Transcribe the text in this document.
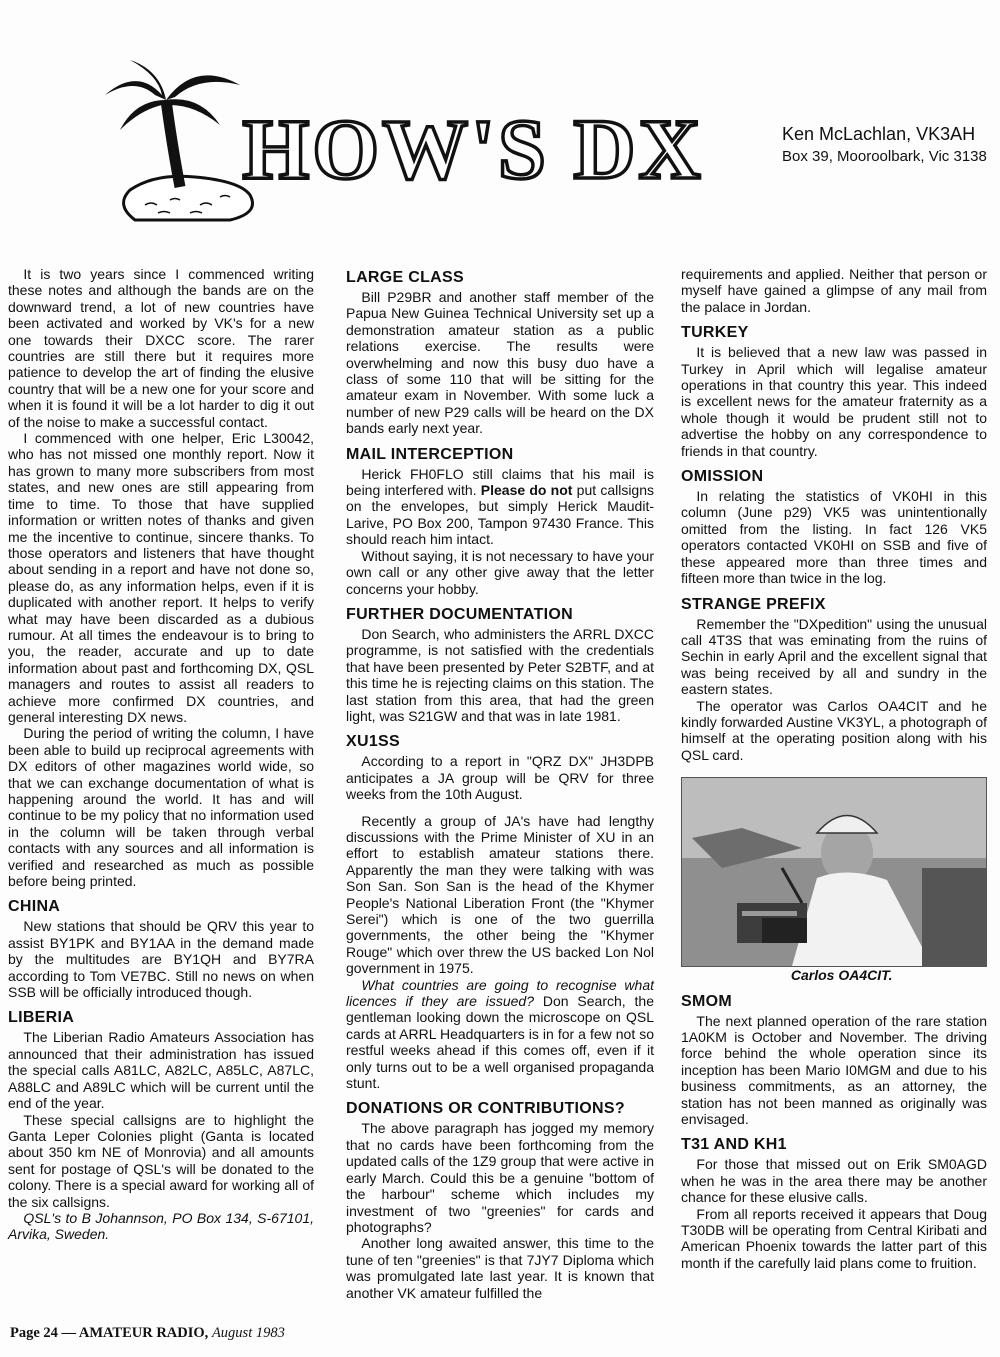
HOW'S DX	Ken McLachlan, VK3AH
Box 39, Mooroolbark, Vic 3138

It is two years since I commenced writing these notes and although the bands are on the downward trend, a lot of new countries have been activated and worked by VK's for a new one towards their DXCC score. The rarer countries are still there but it requires more patience to develop the art of finding the elusive country that will be a new one for your score and when it is found it will be a lot harder to dig it out of the noise to make a successful contact.

I commenced with one helper, Eric L30042, who has not missed one monthly report. Now it has grown to many more subscribers from most states, and new ones are still appearing from time to time. To those that have supplied information or written notes of thanks and given me the incentive to continue, sincere thanks. To those operators and listeners that have thought about sending in a report and have not done so, please do, as any information helps, even if it is duplicated with another report. It helps to verify what may have been discarded as a dubious rumour. At all times the endeavour is to bring to you, the reader, accurate and up to date information about past and forthcoming DX, QSL managers and routes to assist all readers to achieve more confirmed DX countries, and general interesting DX news.

During the period of writing the column, I have been able to build up reciprocal agreements with DX editors of other magazines world wide, so that we can exchange documentation of what is happening around the world. It has and will continue to be my policy that no information used in the column will be taken through verbal contacts with any sources and all information is verified and researched as much as possible before being printed.

CHINA

New stations that should be QRV this year to assist BY1PK and BY1AA in the demand made by the multitudes are BY1QH and BY7RA according to Tom VE7BC. Still no news on when SSB will be officially introduced though.

LIBERIA

The Liberian Radio Amateurs Association has announced that their administration has issued the special calls A81LC, A82LC, A85LC, A87LC, A88LC and A89LC which will be current until the end of the year.

These special callsigns are to highlight the Ganta Leper Colonies plight (Ganta is located about 350 km NE of Monrovia) and all amounts sent for postage of QSL's will be donated to the colony. There is a special award for working all of the six callsigns.

QSL's to B Johannson, PO Box 134, S-67101, Arvika, Sweden.

LARGE CLASS

Bill P29BR and another staff member of the Papua New Guinea Technical University set up a demonstration amateur station as a public relations exercise. The results were overwhelming and now this busy duo have a class of some 110 that will be sitting for the amateur exam in November. With some luck a number of new P29 calls will be heard on the DX bands early next year.

MAIL INTERCEPTION

Herick FH0FLO still claims that his mail is being interfered with. Please do not put callsigns on the envelopes, but simply Herick Maudit-Larive, PO Box 200, Tampon 97430 France. This should reach him intact.

Without saying, it is not necessary to have your own call or any other give away that the letter concerns your hobby.

FURTHER DOCUMENTATION

Don Search, who administers the ARRL DXCC programme, is not satisfied with the credentials that have been presented by Peter S2BTF, and at this time he is rejecting claims on this station. The last station from this area, that had the green light, was S21GW and that was in late 1981.

XU1SS

According to a report in "QRZ DX" JH3DPB anticipates a JA group will be QRV for three weeks from the 10th August.

Recently a group of JA's have had lengthy discussions with the Prime Minister of XU in an effort to establish amateur stations there. Apparently the man they were talking with was Son San. Son San is the head of the Khymer People's National Liberation Front (the "Khymer Serei") which is one of the two guerrilla governments, the other being the "Khymer Rouge" which over threw the US backed Lon Nol government in 1975.

What countries are going to recognise what licences if they are issued? Don Search, the gentleman looking down the microscope on QSL cards at ARRL Headquarters is in for a few not so restful weeks ahead if this comes off, even if it only turns out to be a well organised propaganda stunt.

DONATIONS OR CONTRIBUTIONS?

The above paragraph has jogged my memory that no cards have been forthcoming from the updated calls of the 1Z9 group that were active in early March. Could this be a genuine "bottom of the harbour" scheme which includes my investment of two "greenies" for cards and photographs?

Another long awaited answer, this time to the tune of ten "greenies" is that 7JY7 Diploma which was promulgated late last year. It is known that another VK amateur fulfilled the

requirements and applied. Neither that person or myself have gained a glimpse of any mail from the palace in Jordan.

TURKEY

It is believed that a new law was passed in Turkey in April which will legalise amateur operations in that country this year. This indeed is excellent news for the amateur fraternity as a whole though it would be prudent still not to advertise the hobby on any correspondence to friends in that country.

OMISSION

In relating the statistics of VK0HI in this column (June p29) VK5 was unintentionally omitted from the listing. In fact 126 VK5 operators contacted VK0HI on SSB and five of these appeared more than three times and fifteen more than twice in the log.

STRANGE PREFIX

Remember the "DXpedition" using the unusual call 4T3S that was eminating from the ruins of Sechin in early April and the excellent signal that was being received by all and sundry in the eastern states.

The operator was Carlos OA4CIT and he kindly forwarded Austine VK3YL, a photograph of himself at the operating position along with his QSL card.

Carlos OA4CIT.

SMOM

The next planned operation of the rare station 1A0KM is October and November. The driving force behind the whole operation since its inception has been Mario I0MGM and due to his business commitments, as an attorney, the station has not been manned as originally was envisaged.

T31 AND KH1

For those that missed out on Erik SM0AGD when he was in the area there may be another chance for these elusive calls.

From all reports received it appears that Doug T30DB will be operating from Central Kiribati and American Phoenix towards the latter part of this month if the carefully laid plans come to fruition.

Page 24 — AMATEUR RADIO, August 1983
